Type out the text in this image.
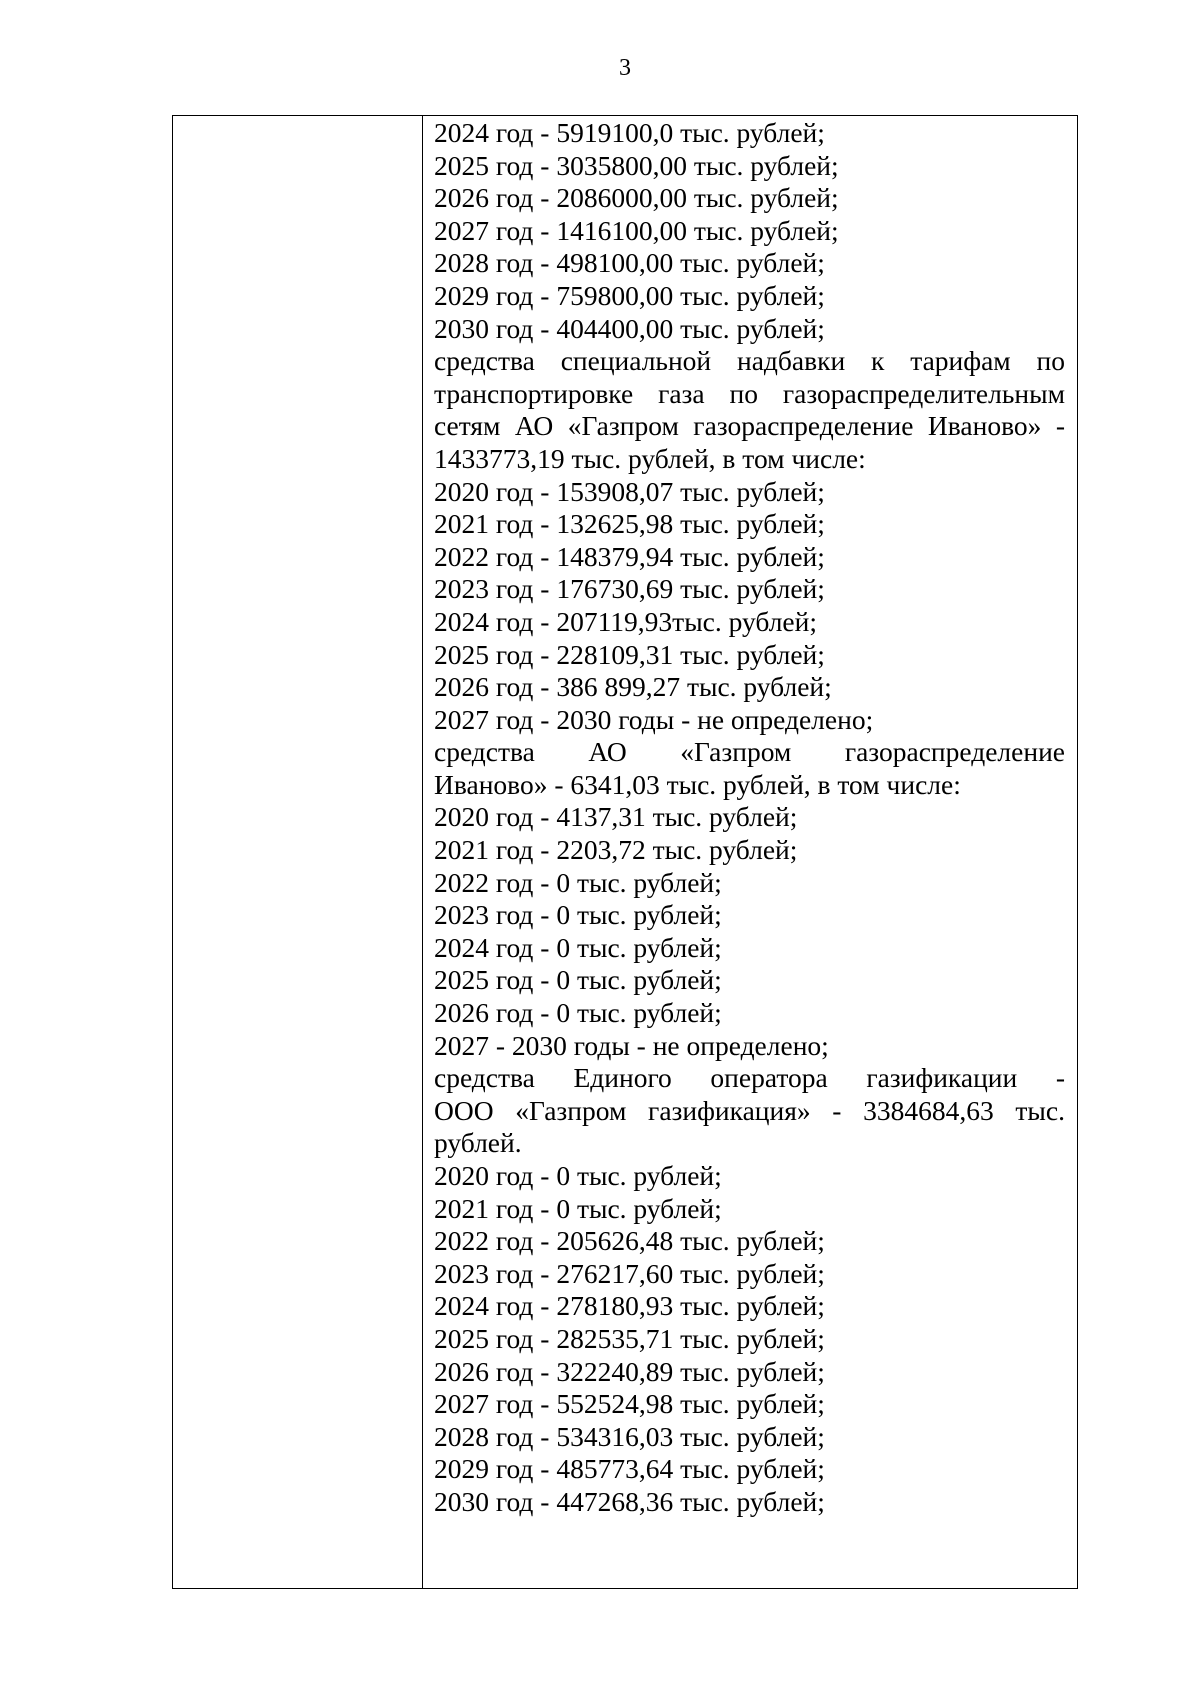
3

2024 год - 5919100,0 тыс. рублей;
2025 год - 3035800,00 тыс. рублей;
2026 год - 2086000,00 тыс. рублей;
2027 год - 1416100,00 тыс. рублей;
2028 год - 498100,00 тыс. рублей;
2029 год - 759800,00 тыс. рублей;
2030 год - 404400,00 тыс. рублей;
средства специальной надбавки к тарифам по
транспортировке газа по газораспределительным
сетям АО «Газпром газораспределение Иваново» -
1433773,19 тыс. рублей, в том числе:
2020 год - 153908,07 тыс. рублей;
2021 год - 132625,98 тыс. рублей;
2022 год - 148379,94 тыс. рублей;
2023 год - 176730,69 тыс. рублей;
2024 год - 207119,93тыс. рублей;
2025 год - 228109,31 тыс. рублей;
2026 год - 386 899,27 тыс. рублей;
2027 год - 2030 годы - не определено;
средства АО «Газпром газораспределение
Иваново» - 6341,03 тыс. рублей, в том числе:
2020 год - 4137,31 тыс. рублей;
2021 год - 2203,72 тыс. рублей;
2022 год - 0 тыс. рублей;
2023 год - 0 тыс. рублей;
2024 год - 0 тыс. рублей;
2025 год - 0 тыс. рублей;
2026 год - 0 тыс. рублей;
2027 - 2030 годы - не определено;
средства Единого оператора газификации -
ООО «Газпром газификация» - 3384684,63 тыс.
рублей.
2020 год - 0 тыс. рублей;
2021 год - 0 тыс. рублей;
2022 год - 205626,48 тыс. рублей;
2023 год - 276217,60 тыс. рублей;
2024 год - 278180,93 тыс. рублей;
2025 год - 282535,71 тыс. рублей;
2026 год - 322240,89 тыс. рублей;
2027 год - 552524,98 тыс. рублей;
2028 год - 534316,03 тыс. рублей;
2029 год - 485773,64 тыс. рублей;
2030 год - 447268,36 тыс. рублей;
